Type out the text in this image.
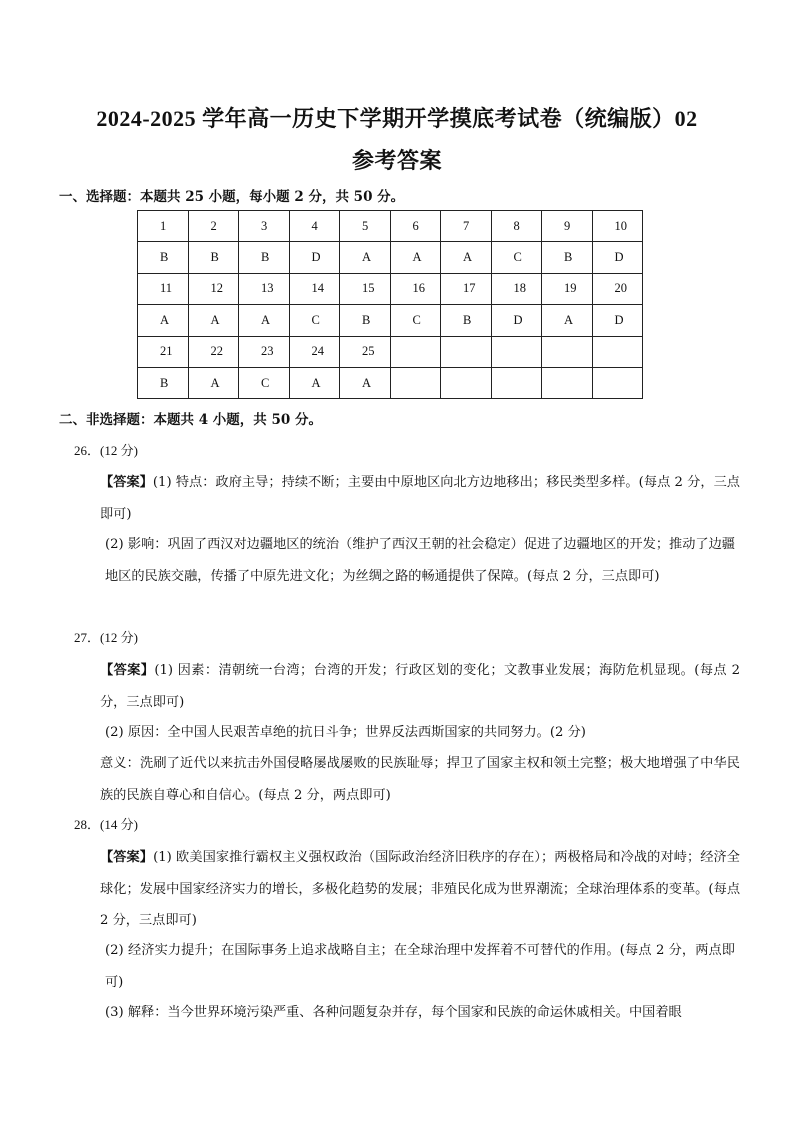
2024-2025 学年高一历史下学期开学摸底考试卷（统编版）02
参考答案
一、选择题：本题共 25 小题，每小题 2 分，共 50 分。
1	2	3	4	5	6	7	8	9	10
B	B	B	D	A	A	A	C	B	D
11	12	13	14	15	16	17	18	19	20
A	A	A	C	B	C	B	D	A	D
21	22	23	24	25					
B	A	C	A	A					
二、非选择题：本题共 4 小题，共 50 分。
26．(12 分)

【答案】(1) 特点：政府主导；持续不断；主要由中原地区向北方边地移出；移民类型多样。(每点 2 分，三点即可)

(2) 影响：巩固了西汉对边疆地区的统治（维护了西汉王朝的社会稳定）促进了边疆地区的开发；推动了边疆地区的民族交融，传播了中原先进文化；为丝绸之路的畅通提供了保障。(每点 2 分，三点即可)

27．(12 分)

【答案】(1) 因素：清朝统一台湾；台湾的开发；行政区划的变化；文教事业发展；海防危机显现。(每点 2 分，三点即可)

(2) 原因：全中国人民艰苦卓绝的抗日斗争；世界反法西斯国家的共同努力。(2 分)

意义：洗刷了近代以来抗击外国侵略屡战屡败的民族耻辱；捍卫了国家主权和领土完整；极大地增强了中华民族的民族自尊心和自信心。(每点 2 分，两点即可)

28．(14 分)

【答案】(1) 欧美国家推行霸权主义强权政治（国际政治经济旧秩序的存在）；两极格局和冷战的对峙；经济全球化；发展中国家经济实力的增长，多极化趋势的发展；非殖民化成为世界潮流；全球治理体系的变革。(每点 2 分，三点即可)

(2) 经济实力提升；在国际事务上追求战略自主；在全球治理中发挥着不可替代的作用。(每点 2 分，两点即可)

(3) 解释：当今世界环境污染严重、各种问题复杂并存，每个国家和民族的命运休戚相关。中国着眼
